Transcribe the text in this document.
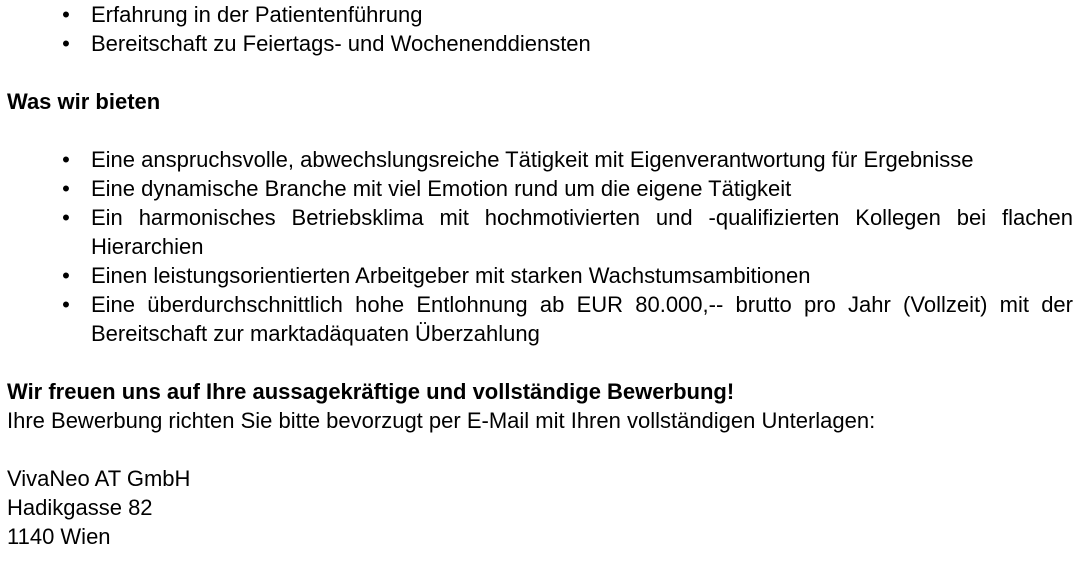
• Erfahrung in der Patientenführung
• Bereitschaft zu Feiertags- und Wochenenddiensten

Was wir bieten

• Eine anspruchsvolle, abwechslungsreiche Tätigkeit mit Eigenverantwortung für Ergebnisse
• Eine dynamische Branche mit viel Emotion rund um die eigene Tätigkeit
• Ein harmonisches Betriebsklima mit hochmotivierten und -qualifizierten Kollegen bei flachen Hierarchien
• Einen leistungsorientierten Arbeitgeber mit starken Wachstumsambitionen
• Eine überdurchschnittlich hohe Entlohnung ab EUR 80.000,-- brutto pro Jahr (Vollzeit) mit der Bereitschaft zur marktadäquaten Überzahlung

Wir freuen uns auf Ihre aussagekräftige und vollständige Bewerbung!

Ihre Bewerbung richten Sie bitte bevorzugt per E-Mail mit Ihren vollständigen Unterlagen:

VivaNeo AT GmbH

Hadikgasse 82

1140 Wien
